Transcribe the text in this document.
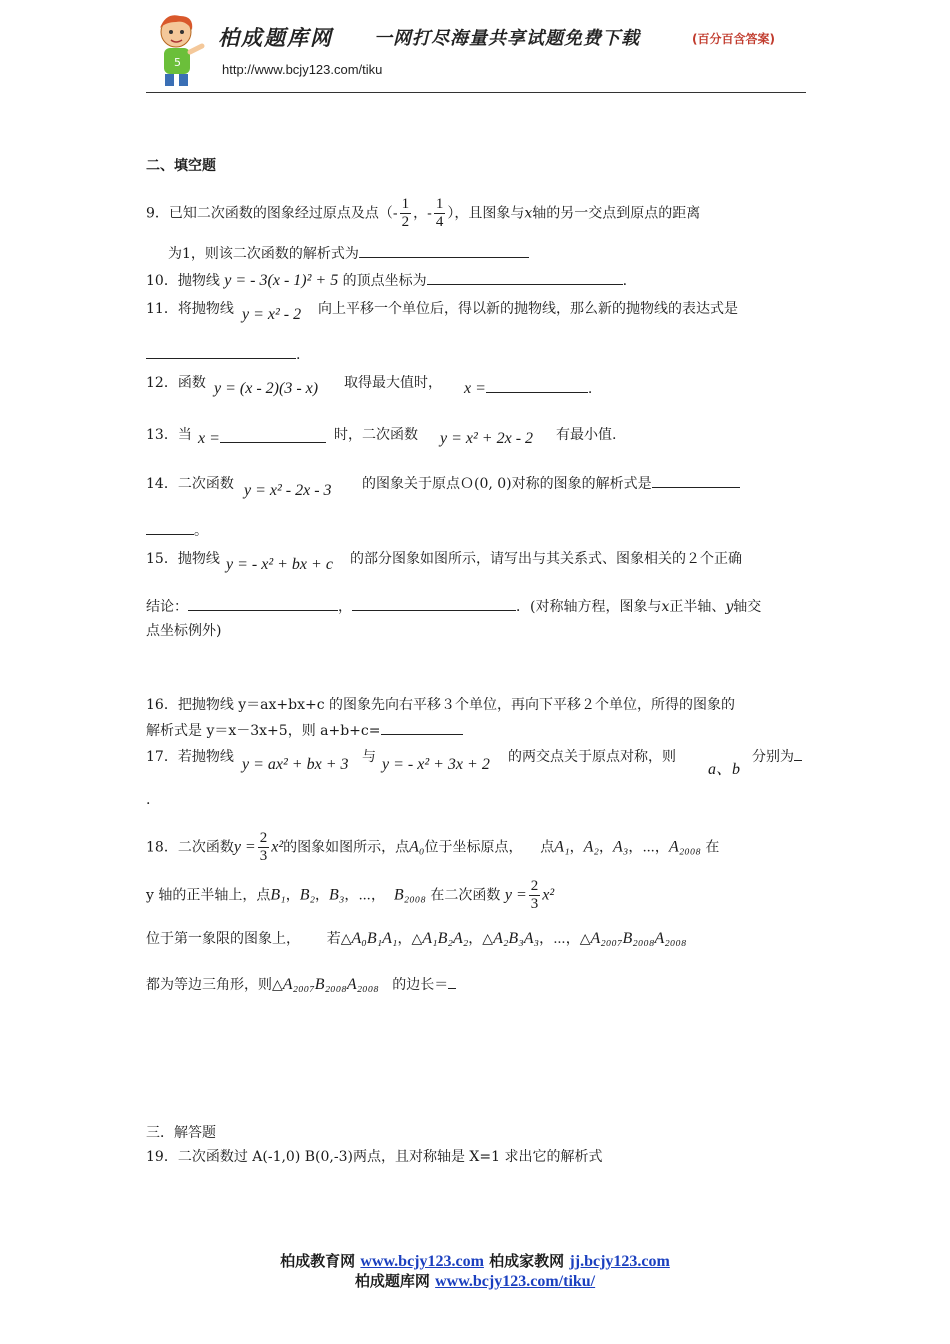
5
柏成题库网 一网打尽海量共享试题免费下载	(百分百含答案)
http://www.bcjy123.com/tiku
二、填空题
9．已知二次函数的图象经过原点及点（- $\frac{1}{2}$ ，- $\frac{1}{4}$ ），且图象与x轴的另一交点到原点的距离
为1，则该二次函数的解析式为
10．抛物线 y = - 3(x - 1)² + 5 的顶点坐标为	.
11．将抛物线 y = x² - 2 向上平移一个单位后，得以新的抛物线，那么新的抛物线的表达式是
.
12．函数 y = (x - 2)(3 - x) 取得最大值时， x =	.
13．当 x =	时，二次函数 y = x² + 2x - 2 有最小值.
14．二次函数 y = x² - 2x - 3 的图象关于原点Ｏ(0, 0)对称的图象的解析式是
。
15．抛物线 y = - x² + bx + c 的部分图象如图所示，请写出与其关系式、图象相关的２个正确
结论：	，	．(对称轴方程，图象与x正半轴、y轴交
点坐标例外)
16．把抛物线 y＝ax+bx+c 的图象先向右平移３个单位，再向下平移２个单位，所得的图象的
解析式是 y＝x－3x+5，则 a+b+c=
17．若抛物线 y = ax² + bx + 3 与 y = - x² + 3x + 2 的两交点关于原点对称，则
a、b
分别为
.
18．二次函数$y = \frac{2}{3} x^2$的图象如图所示，点A₀位于坐标原点， 点A₁，A₂，A₃，⋯，A₂₀₀₈ 在
y 轴的正半轴上，点B₁，B₂，B₃，⋯， B₂₀₀₈ 在二次函数 $y = \frac{2}{3} x^2$
位于第一象限的图象上， 若△A₀B₁A₁，△A₁B₂A₂，△A₂B₃A₃，⋯，△A₂₀₀₇B₂₀₀₈A₂₀₀₈
都为等边三角形，则△A₂₀₀₇B₂₀₀₈A₂₀₀₈ 的边长＝
三．解答题
19．二次函数过 A(-1,0) B(0,-3)两点，且对称轴是 X=1 求出它的解析式
柏成教育网 www.bcjy123.com 柏成家教网 jj.bcjy123.com
柏成题库网 www.bcjy123.com/tiku/
